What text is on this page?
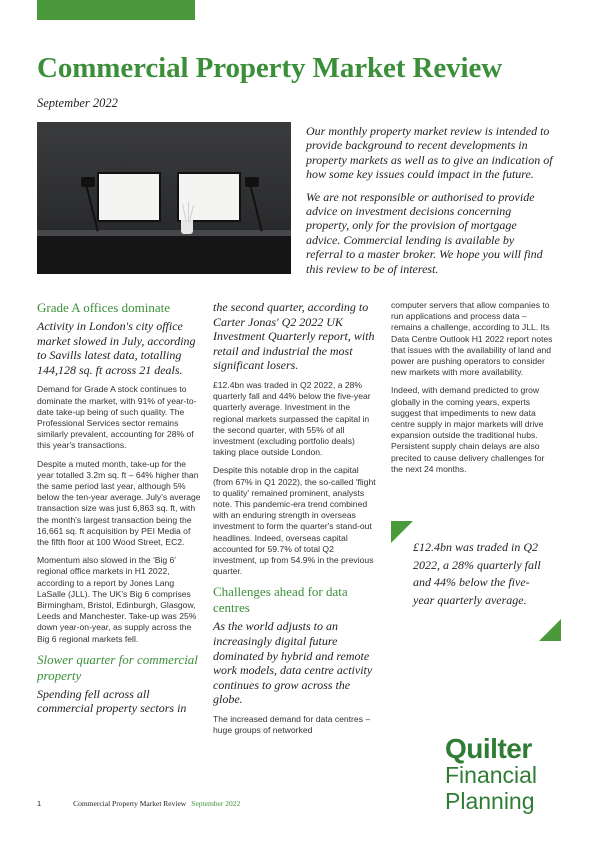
Commercial Property Market Review
September 2022

Our monthly property market review is intended to provide background to recent developments in property markets as well as to give an indication of how some key issues could impact in the future.

We are not responsible or authorised to provide advice on investment decisions concerning property, only for the provision of mortgage advice. Commercial lending is available by referral to a master broker. We hope you will find this review to be of interest.

Grade A offices dominate

Activity in London's city office market slowed in July, according to Savills latest data, totalling 144,128 sq. ft across 21 deals.

Demand for Grade A stock continues to dominate the market, with 91% of year-to-date take-up being of such quality. The Professional Services sector remains similarly prevalent, accounting for 28% of this year's transactions.

Despite a muted month, take-up for the year totalled 3.2m sq. ft – 64% higher than the same period last year, although 5% below the ten-year average. July's average transaction size was just 6,863 sq. ft, with the month's largest transaction being the 16,661 sq. ft acquisition by PEI Media of the fifth floor at 100 Wood Street, EC2.

Momentum also slowed in the 'Big 6' regional office markets in H1 2022, according to a report by Jones Lang LaSalle (JLL). The UK's Big 6 comprises Birmingham, Bristol, Edinburgh, Glasgow, Leeds and Manchester. Take-up was 25% down year-on-year, as supply across the Big 6 regional markets fell.

Slower quarter for commercial property

Spending fell across all commercial property sectors in

the second quarter, according to Carter Jonas' Q2 2022 UK Investment Quarterly report, with retail and industrial the most significant losers.

£12.4bn was traded in Q2 2022, a 28% quarterly fall and 44% below the five-year quarterly average. Investment in the regional markets surpassed the capital in the second quarter, with 55% of all investment (excluding portfolio deals) taking place outside London.

Despite this notable drop in the capital (from 67% in Q1 2022), the so-called 'flight to quality' remained prominent, analysts note. This pandemic-era trend combined with an enduring strength in overseas investment to form the quarter's stand-out headlines. Indeed, overseas capital accounted for 59.7% of total Q2 investment, up from 54.9% in the previous quarter.

Challenges ahead for data centres

As the world adjusts to an increasingly digital future dominated by hybrid and remote work models, data centre activity continues to grow across the globe.

The increased demand for data centres – huge groups of networked

computer servers that allow companies to run applications and process data – remains a challenge, according to JLL. Its Data Centre Outlook H1 2022 report notes that issues with the availability of land and power are pushing operators to consider new markets with more availability.

Indeed, with demand predicted to grow globally in the coming years, experts suggest that impediments to new data centre supply in major markets will drive expansion outside the traditional hubs. Persistent supply chain delays are also precited to cause delivery challenges for the next 24 months.

£12.4bn was traded in Q2 2022, a 28% quarterly fall and 44% below the five-year quarterly average.

Quilter
Financial
Planning
1	Commercial Property Market Review September 2022
